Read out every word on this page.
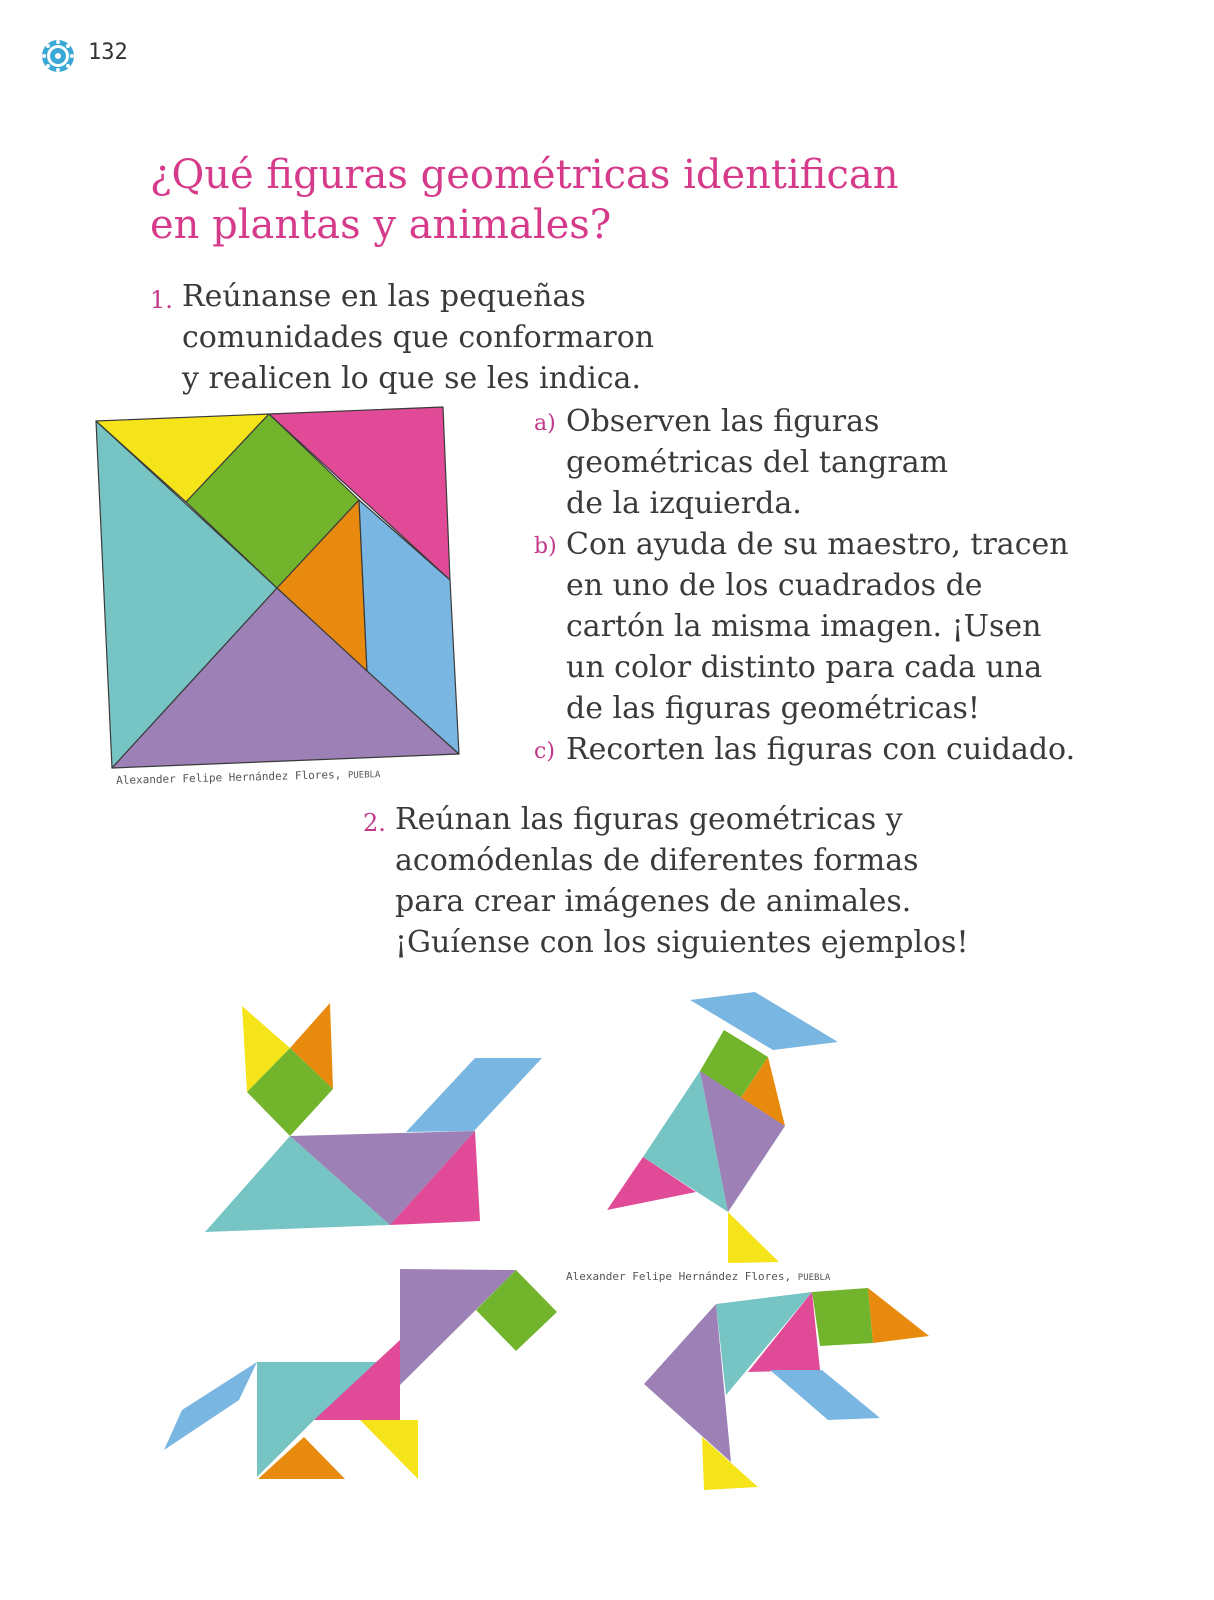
132
¿Qué figuras geométricas identifican
en plantas y animales?
1. Reúnanse en las pequeñas
comunidades que conformaron
y realicen lo que se les indica.
Alexander Felipe Hernández Flores, PUEBLA
a) Observen las figuras
geométricas del tangram
de la izquierda.
b) Con ayuda de su maestro, tracen
en uno de los cuadrados de
cartón la misma imagen. ¡Usen
un color distinto para cada una
de las figuras geométricas!
c) Recorten las figuras con cuidado.
2. Reúnan las figuras geométricas y
acomódenlas de diferentes formas
para crear imágenes de animales.
¡Guíense con los siguientes ejemplos!
Alexander Felipe Hernández Flores, PUEBLA
